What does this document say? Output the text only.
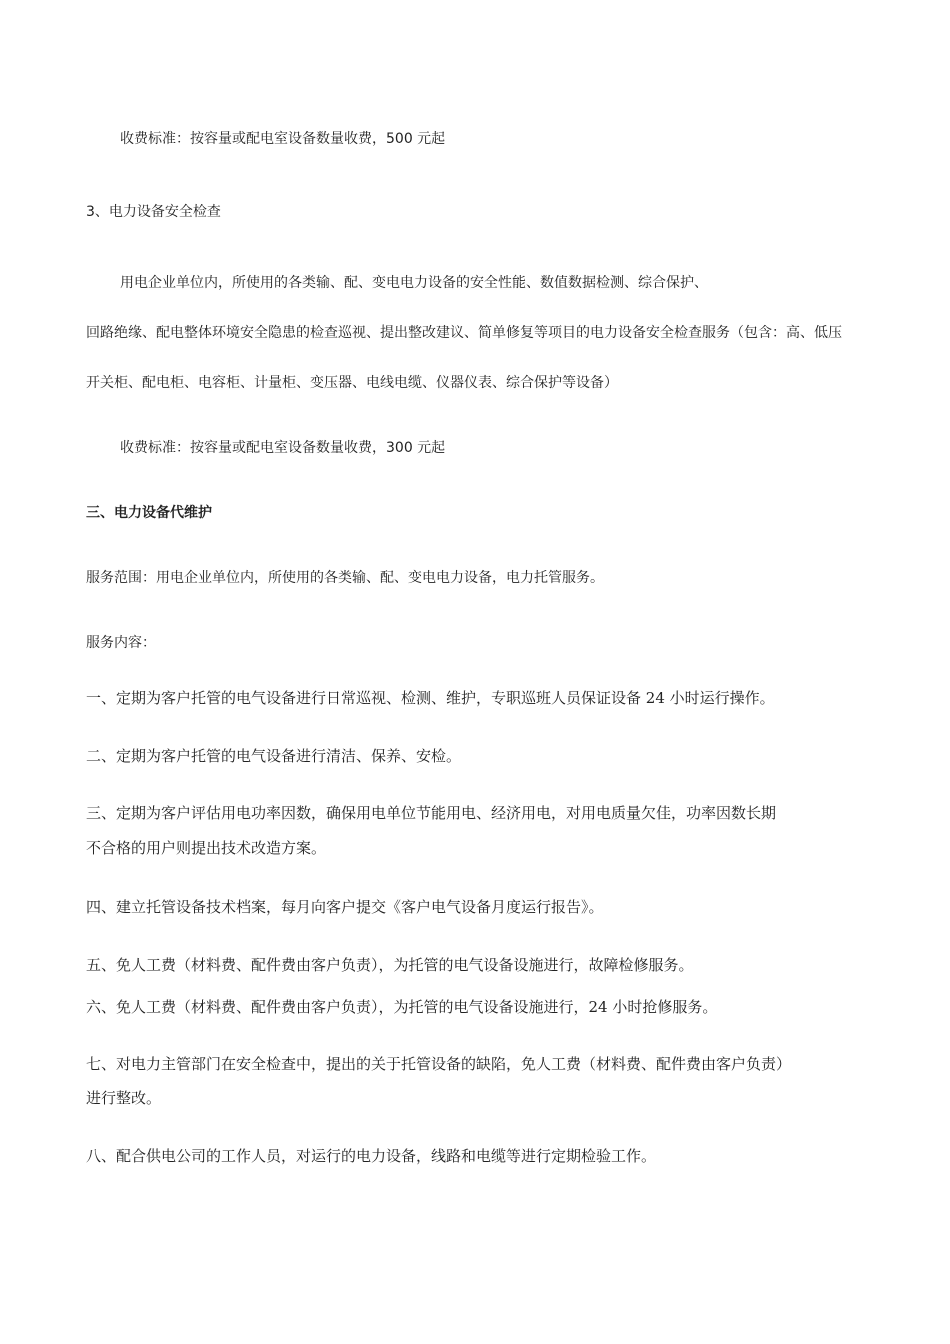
收费标准：按容量或配电室设备数量收费，500 元起
3、电力设备安全检查
用电企业单位内，所使用的各类输、配、变电电力设备的安全性能、数值数据检测、综合保护、
回路绝缘、配电整体环境安全隐患的检查巡视、提出整改建议、简单修复等项目的电力设备安全检查服务（包含：高、低压
开关柜、配电柜、电容柜、计量柜、变压器、电线电缆、仪器仪表、综合保护等设备）
收费标准：按容量或配电室设备数量收费，300 元起
三、电力设备代维护
服务范围：用电企业单位内，所使用的各类输、配、变电电力设备，电力托管服务。
服务内容：
一、定期为客户托管的电气设备进行日常巡视、检测、维护，专职巡班人员保证设备 24 小时运行操作。
二、定期为客户托管的电气设备进行清洁、保养、安检。
三、定期为客户评估用电功率因数，确保用电单位节能用电、经济用电，对用电质量欠佳，功率因数长期
不合格的用户则提出技术改造方案。
四、建立托管设备技术档案，每月向客户提交《客户电气设备月度运行报告》。
五、免人工费（材料费、配件费由客户负责），为托管的电气设备设施进行，故障检修服务。
六、免人工费（材料费、配件费由客户负责），为托管的电气设备设施进行，24 小时抢修服务。
七、对电力主管部门在安全检查中，提出的关于托管设备的缺陷，免人工费（材料费、配件费由客户负责）
进行整改。
八、配合供电公司的工作人员，对运行的电力设备，线路和电缆等进行定期检验工作。
